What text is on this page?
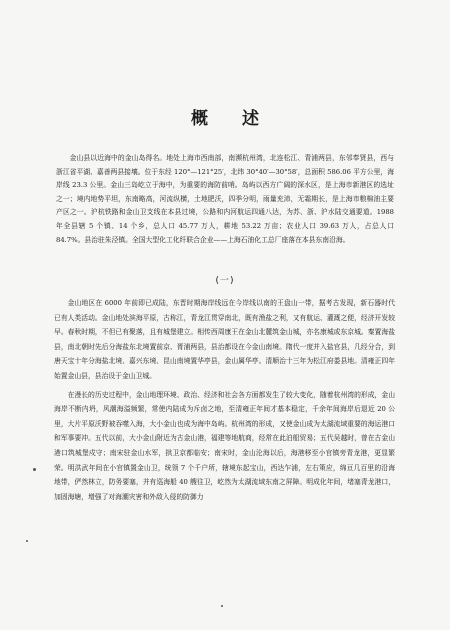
概 述

金山县以近海中的金山岛得名。地处上海市西南部，南濒杭州湾，北连松江、青浦两县，东邻奉贤县，西与浙江省平湖、嘉善两县接壤。位于东经 120°—121°25′，北纬 30°40′—30°58′，总面积 586.06 平方公里，海岸线 23.3 公里。金山三岛屹立于海中，为重要的海防前哨。岛屿以西方广阔的深水区，是上海市新港区的选址之一；境内地势平坦，东南略高，河流纵横，土地肥沃，四季分明，雨量充沛，无霜期长，是上海市粮棉油主要产区之一。沪杭铁路和金山卫支线在本县过境，公路和内河航运四通八达，为苏、浙、沪水陆交通要道。1988 年全县辖 5 个镇、14 个乡，总人口 45.77 万人，耕地 53.22 万亩；农业人口 39.63 万人，占总人口 84.7%。县治驻朱泾镇。全国大型化工化纤联合企业——上海石油化工总厂座落在本县东南沿海。

(一)

金山地区在 6000 年前即已成陆，东晋时期海岸线远在今岸线以南的王盘山一带，据考古发现，新石器时代已有人类活动。金山地处滨海平原，古称江，青龙江贯穿南北，既有渔盐之利，又有航运、灌溉之便，经济开发较早。春秋时期，不但已有聚落，且有城堡建立。相传西周康王在金山北麓筑金山城，亦名康城或东京城。秦置海盐县，南北朝时先后分海盐东北境置前京、胥浦两县，县治都设在今金山南境。隋代一度并入盐官县，几经分合，到唐天宝十年分海盐北境、嘉兴东境、昆山南境置华亭县，金山属华亭。清顺治十三年为松江府娄县地。清雍正四年始置金山县，县治设于金山卫城。

在漫长的历史过程中，金山地理环境、政治、经济和社会各方面都发生了较大变化，随着杭州湾的形成，金山海岸不断内坍，风潮海溢频繁，常使内陆成为斥卤之地，至清雍正年间才基本稳定，千余年间海岸后退近 20 公里，大片平原沃野被吞噬入海，大小金山也成为海中岛屿。杭州湾的形成，又使金山成为太湖流域重要的海运港口和军事要冲。五代以前，大小金山附近为古金山港，福建等地航商，经常在此泊船贸易；五代吴越时，曾在古金山港口筑城堡戍守；南宋驻金山水军，拱卫京都临安；南宋时，金山沦海以后，海港移至小官镇旁青龙港，更显繁荣。明洪武年间在小官镇置金山卫，统领 7 个千户所，辖境东起宝山，西达乍浦，左右策应，绵亘几百里的沿海地带，俨然林立，防务要塞，并有巡海船 40 艘往卫，屹然为太湖流域东南之屏障。明成化年间，堵塞青龙港口，加固海塘，增强了对海潮灾害和外敌入侵的防御力
